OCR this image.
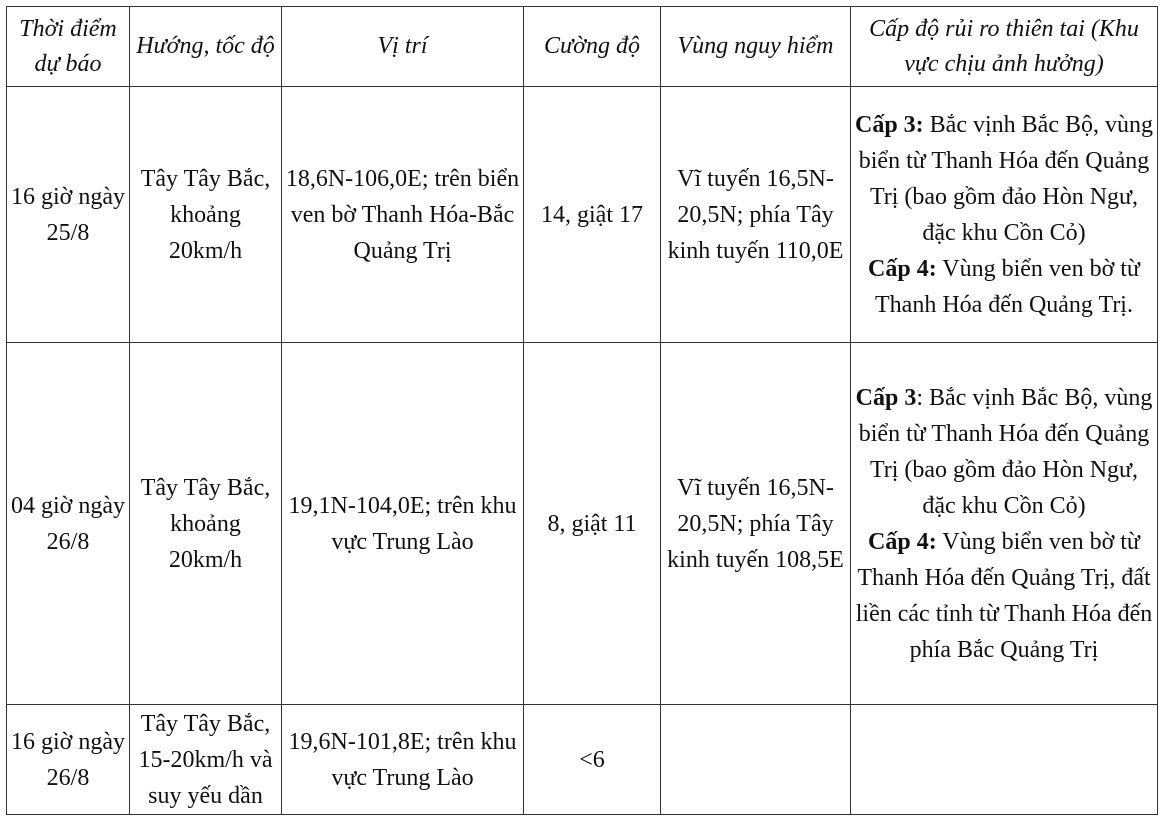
Thời điểm dự báo	Hướng, tốc độ	Vị trí	Cường độ	Vùng nguy hiểm	Cấp độ rủi ro thiên tai (Khu vực chịu ảnh hưởng)
16 giờ ngày 25/8	Tây Tây Bắc, khoảng 20km/h	18,6N-106,0E; trên biển ven bờ Thanh Hóa-Bắc Quảng Trị	14, giật 17	Vĩ tuyến 16,5N-20,5N; phía Tây kinh tuyến 110,0E	Cấp 3: Bắc vịnh Bắc Bộ, vùng biển từ Thanh Hóa đến Quảng Trị (bao gồm đảo Hòn Ngư, đặc khu Cồn Cỏ)
Cấp 4: Vùng biển ven bờ từ Thanh Hóa đến Quảng Trị.

04 giờ ngày 26/8	Tây Tây Bắc, khoảng 20km/h	19,1N-104,0E; trên khu vực Trung Lào	8, giật 11	Vĩ tuyến 16,5N-20,5N; phía Tây kinh tuyến 108,5E	Cấp 3: Bắc vịnh Bắc Bộ, vùng biển từ Thanh Hóa đến Quảng Trị (bao gồm đảo Hòn Ngư, đặc khu Cồn Cỏ)
Cấp 4: Vùng biển ven bờ từ Thanh Hóa đến Quảng Trị, đất liền các tỉnh từ Thanh Hóa đến phía Bắc Quảng Trị

16 giờ ngày 26/8	Tây Tây Bắc, 15-20km/h và suy yếu dần	19,6N-101,8E; trên khu vực Trung Lào	<6		
